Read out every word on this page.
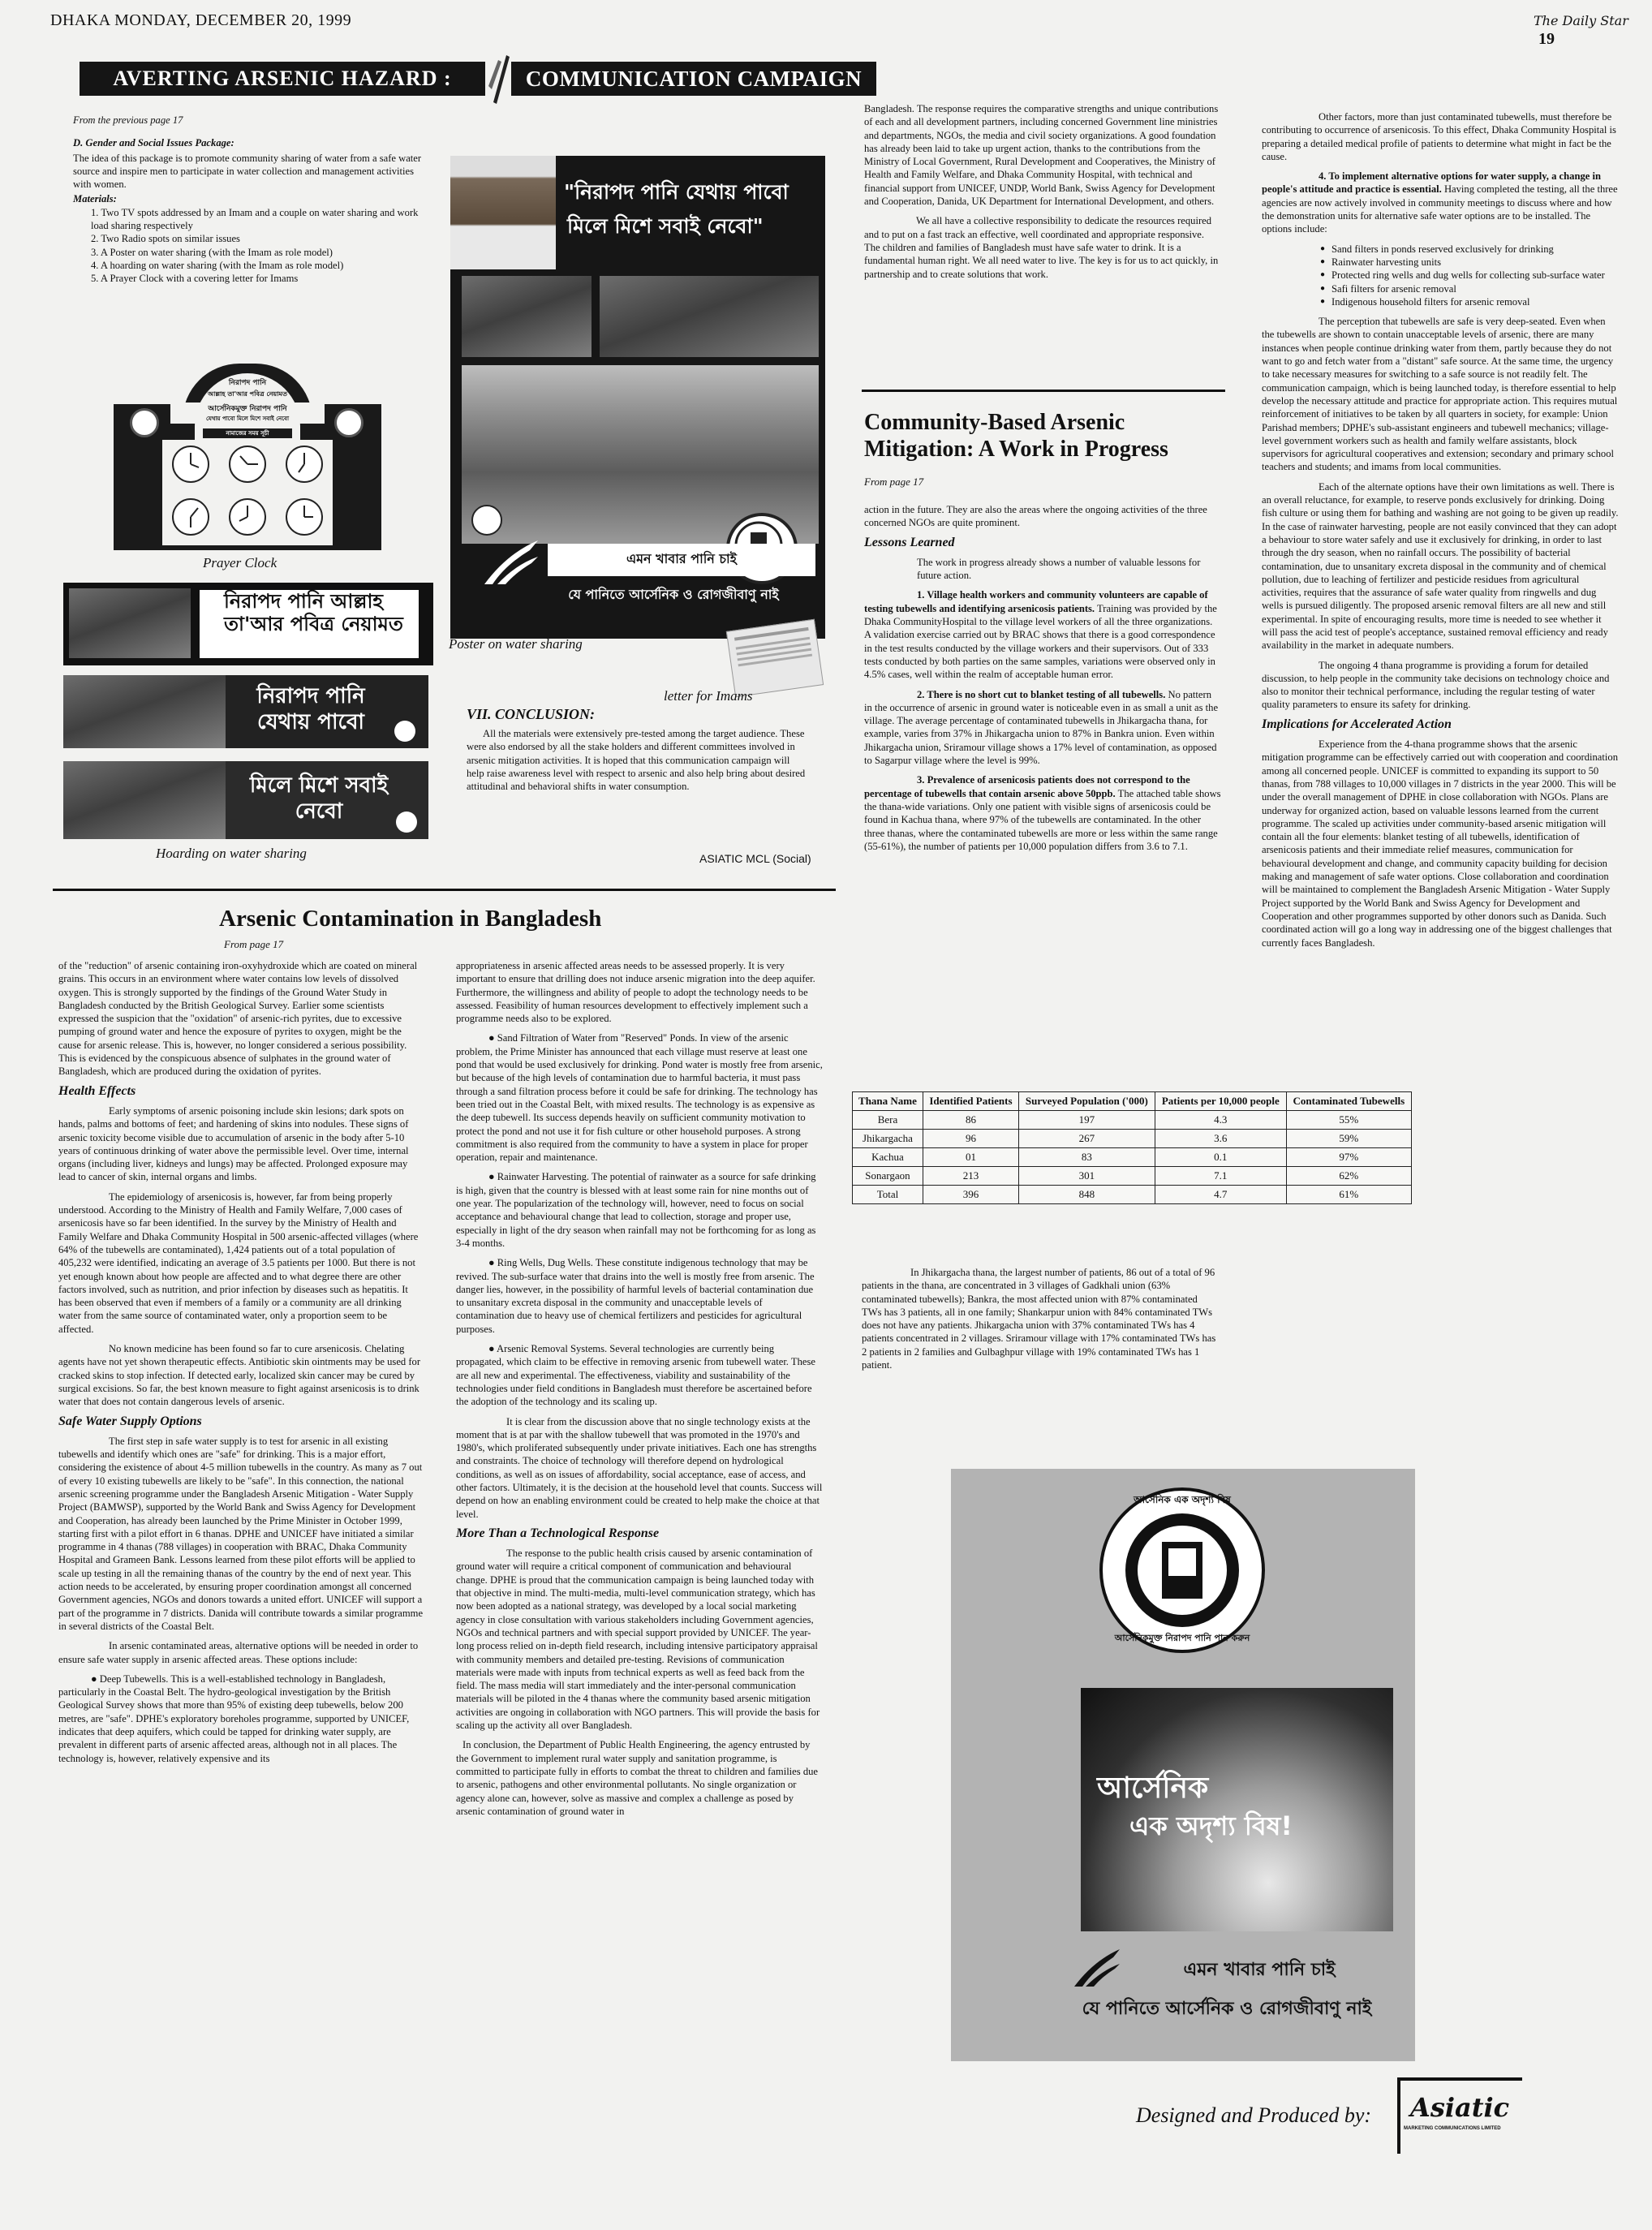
DHAKA MONDAY, DECEMBER 20, 1999	The Daily Star 19
AVERTING ARSENIC HAZARD :	COMMUNICATION CAMPAIGN

From the previous page 17

D. Gender and Social Issues Package:

The idea of this package is to promote community sharing of water from a safe water source and inspire men to participate in water collection and management activities with women.

Materials:

1. Two TV spots addressed by an Imam and a couple on water sharing and work load sharing respectively
2. Two Radio spots on similar issues
3. A Poster on water sharing (with the Imam as role model)
4. A hoarding on water sharing (with the Imam as role model)
5. A Prayer Clock with a covering letter for Imams
নিরাপদ পানি
আল্লাহ তা'আর পবিত্র নেয়ামত
আর্সেনিকমুক্ত নিরাপদ পানি
যেথায় পাবো মিলে মিশে সবাই নেবো
নামাজের সময় সূচী
Prayer Clock
নিরাপদ পানি আল্লাহ তা'আর পবিত্র নেয়ামত
নিরাপদ পানি যেথায় পাবো
মিলে মিশে সবাই নেবো
Hoarding on water sharing
"নিরাপদ পানি যেথায় পাবো
মিলে মিশে সবাই নেবো"
এমন খাবার পানি চাই
যে পানিতে আর্সেনিক ও রোগজীবাণু নাই
Poster on water sharing
letter for Imams
VII. CONCLUSION:
All the materials were extensively pre-tested among the target audience. These were also endorsed by all the stake holders and different committees involved in arsenic mitigation activities. It is hoped that this communication campaign will help raise awareness level with respect to arsenic and also help bring about desired attitudinal and behavioral shifts in water consumption.
ASIATIC MCL (Social)

Bangladesh. The response requires the comparative strengths and unique contributions of each and all development partners, including concerned Government line ministries and departments, NGOs, the media and civil society organizations. A good foundation has already been laid to take up urgent action, thanks to the contributions from the Ministry of Local Government, Rural Development and Cooperatives, the Ministry of Health and Family Welfare, and Dhaka Community Hospital, with technical and financial support from UNICEF, UNDP, World Bank, Swiss Agency for Development and Cooperation, Danida, UK Department for International Development, and others.

We all have a collective responsibility to dedicate the resources required and to put on a fast track an effective, well coordinated and appropriate responsive. The children and families of Bangladesh must have safe water to drink. It is a fundamental human right. We all need water to live. The key is for us to act quickly, in partnership and to create solutions that work.

Community-Based Arsenic Mitigation: A Work in Progress
From page 17

action in the future. They are also the areas where the ongoing activities of the three concerned NGOs are quite prominent.

Lessons Learned

The work in progress already shows a number of valuable lessons for future action.

1. Village health workers and community volunteers are capable of testing tubewells and identifying arsenicosis patients. Training was provided by the Dhaka CommunityHospital to the village level workers of all the three organizations. A validation exercise carried out by BRAC shows that there is a good correspondence in the test results conducted by the village workers and their supervisors. Out of 333 tests conducted by both parties on the same samples, variations were observed only in 4.5% cases, well within the realm of acceptable human error.

2. There is no short cut to blanket testing of all tubewells. No pattern in the occurrence of arsenic in ground water is noticeable even in as small a unit as the village. The average percentage of contaminated tubewells in Jhikargacha thana, for example, varies from 37% in Jhikargacha union to 87% in Bankra union. Even within Jhikargacha union, Sriramour village shows a 17% level of contamination, as opposed to Sagarpur village where the level is 99%.

3. Prevalence of arsenicosis patients does not correspond to the percentage of tubewells that contain arsenic above 50ppb. The attached table shows the thana-wide variations. Only one patient with visible signs of arsenicosis could be found in Kachua thana, where 97% of the tubewells are contaminated. In the other three thanas, where the contaminated tubewells are more or less within the same range (55-61%), the number of patients per 10,000 population differs from 3.6 to 7.1.

Thana Name	Identified Patients	Surveyed Population ('000)	Patients per 10,000 people	Contaminated Tubewells
Bera	86	197	4.3	55%
Jhikargacha	96	267	3.6	59%
Kachua	01	83	0.1	97%
Sonargaon	213	301	7.1	62%
Total	396	848	4.7	61%
In Jhikargacha thana, the largest number of patients, 86 out of a total of 96 patients in the thana, are concentrated in 3 villages of Gadkhali union (63% contaminated tubewells); Bankra, the most affected union with 87% contaminated TWs has 3 patients, all in one family; Shankarpur union with 84% contaminated TWs does not have any patients. Jhikargacha union with 37% contaminated TWs has 4 patients concentrated in 2 villages. Sriramour village with 17% contaminated TWs has 2 patients in 2 families and Gulbaghpur village with 19% contaminated TWs has 1 patient.

Other factors, more than just contaminated tubewells, must therefore be contributing to occurrence of arsenicosis. To this effect, Dhaka Community Hospital is preparing a detailed medical profile of patients to determine what might in fact be the cause.

4. To implement alternative options for water supply, a change in people's attitude and practice is essential. Having completed the testing, all the three agencies are now actively involved in community meetings to discuss where and how the demonstration units for alternative safe water options are to be installed. The options include:

● Sand filters in ponds reserved exclusively for drinking
● Rainwater harvesting units
● Protected ring wells and dug wells for collecting sub-surface water
● Safi filters for arsenic removal
● Indigenous household filters for arsenic removal

The perception that tubewells are safe is very deep-seated. Even when the tubewells are shown to contain unacceptable levels of arsenic, there are many instances when people continue drinking water from them, partly because they do not want to go and fetch water from a "distant" safe source. At the same time, the urgency to take necessary measures for switching to a safe source is not readily felt. The communication campaign, which is being launched today, is therefore essential to help develop the necessary attitude and practice for appropriate action. This requires mutual reinforcement of initiatives to be taken by all quarters in society, for example: Union Parishad members; DPHE's sub-assistant engineers and tubewell mechanics; village-level government workers such as health and family welfare assistants, block supervisors for agricultural cooperatives and extension; secondary and primary school teachers and students; and imams from local communities.

Each of the alternate options have their own limitations as well. There is an overall reluctance, for example, to reserve ponds exclusively for drinking. Doing fish culture or using them for bathing and washing are not going to be given up readily. In the case of rainwater harvesting, people are not easily convinced that they can adopt a behaviour to store water safely and use it exclusively for drinking, in order to last through the dry season, when no rainfall occurs. The possibility of bacterial contamination, due to unsanitary excreta disposal in the community and of chemical pollution, due to leaching of fertilizer and pesticide residues from agricultural activities, requires that the assurance of safe water quality from ringwells and dug wells is pursued diligently. The proposed arsenic removal filters are all new and still experimental. In spite of encouraging results, more time is needed to see whether it will pass the acid test of people's acceptance, sustained removal efficiency and ready availability in the market in adequate numbers.

The ongoing 4 thana programme is providing a forum for detailed discussion, to help people in the community take decisions on technology choice and also to monitor their technical performance, including the regular testing of water quality parameters to ensure its safety for drinking.

Implications for Accelerated Action

Experience from the 4-thana programme shows that the arsenic mitigation programme can be effectively carried out with cooperation and coordination among all concerned people. UNICEF is committed to expanding its support to 50 thanas, from 788 villages to 10,000 villages in 7 districts in the year 2000. This will be under the overall management of DPHE in close collaboration with NGOs. Plans are underway for organized action, based on valuable lessons learned from the current programme. The scaled up activities under community-based arsenic mitigation will contain all the four elements: blanket testing of all tubewells, identification of arsenicosis patients and their immediate relief measures, communication for behavioural development and change, and community capacity building for decision making and management of safe water options. Close collaboration and coordination will be maintained to complement the Bangladesh Arsenic Mitigation - Water Supply Project supported by the World Bank and Swiss Agency for Development and Cooperation and other programmes supported by other donors such as Danida. Such coordinated action will go a long way in addressing one of the biggest challenges that currently faces Bangladesh.

Arsenic Contamination in Bangladesh
From page 17

of the "reduction" of arsenic containing iron-oxyhydroxide which are coated on mineral grains. This occurs in an environment where water contains low levels of dissolved oxygen. This is strongly supported by the findings of the Ground Water Study in Bangladesh conducted by the British Geological Survey. Earlier some scientists expressed the suspicion that the "oxidation" of arsenic-rich pyrites, due to excessive pumping of ground water and hence the exposure of pyrites to oxygen, might be the cause for arsenic release. This is, however, no longer considered a serious possibility. This is evidenced by the conspicuous absence of sulphates in the ground water of Bangladesh, which are produced during the oxidation of pyrites.

Health Effects

Early symptoms of arsenic poisoning include skin lesions; dark spots on hands, palms and bottoms of feet; and hardening of skins into nodules. These signs of arsenic toxicity become visible due to accumulation of arsenic in the body after 5-10 years of continuous drinking of water above the permissible level. Over time, internal organs (including liver, kidneys and lungs) may be affected. Prolonged exposure may lead to cancer of skin, internal organs and limbs.

The epidemiology of arsenicosis is, however, far from being properly understood. According to the Ministry of Health and Family Welfare, 7,000 cases of arsenicosis have so far been identified. In the survey by the Ministry of Health and Family Welfare and Dhaka Community Hospital in 500 arsenic-affected villages (where 64% of the tubewells are contaminated), 1,424 patients out of a total population of 405,232 were identified, indicating an average of 3.5 patients per 1000. But there is not yet enough known about how people are affected and to what degree there are other factors involved, such as nutrition, and prior infection by diseases such as hepatitis. It has been observed that even if members of a family or a community are all drinking water from the same source of contaminated water, only a proportion seem to be affected.

No known medicine has been found so far to cure arsenicosis. Chelating agents have not yet shown therapeutic effects. Antibiotic skin ointments may be used for cracked skins to stop infection. If detected early, localized skin cancer may be cured by surgical excisions. So far, the best known measure to fight against arsenicosis is to drink water that does not contain dangerous levels of arsenic.

Safe Water Supply Options

The first step in safe water supply is to test for arsenic in all existing tubewells and identify which ones are "safe" for drinking. This is a major effort, considering the existence of about 4-5 million tubewells in the country. As many as 7 out of every 10 existing tubewells are likely to be "safe". In this connection, the national arsenic screening programme under the Bangladesh Arsenic Mitigation - Water Supply Project (BAMWSP), supported by the World Bank and Swiss Agency for Development and Cooperation, has already been launched by the Prime Minister in October 1999, starting first with a pilot effort in 6 thanas. DPHE and UNICEF have initiated a similar programme in 4 thanas (788 villages) in cooperation with BRAC, Dhaka Community Hospital and Grameen Bank. Lessons learned from these pilot efforts will be applied to scale up testing in all the remaining thanas of the country by the end of next year. This action needs to be accelerated, by ensuring proper coordination amongst all concerned Government agencies, NGOs and donors towards a united effort. UNICEF will support a part of the programme in 7 districts. Danida will contribute towards a similar programme in several districts of the Coastal Belt.

In arsenic contaminated areas, alternative options will be needed in order to ensure safe water supply in arsenic affected areas. These options include:

● Deep Tubewells. This is a well-established technology in Bangladesh, particularly in the Coastal Belt. The hydro-geological investigation by the British Geological Survey shows that more than 95% of existing deep tubewells, below 200 metres, are "safe". DPHE's exploratory boreholes programme, supported by UNICEF, indicates that deep aquifers, which could be tapped for drinking water supply, are prevalent in different parts of arsenic affected areas, although not in all places. The technology is, however, relatively expensive and its

appropriateness in arsenic affected areas needs to be assessed properly. It is very important to ensure that drilling does not induce arsenic migration into the deep aquifer. Furthermore, the willingness and ability of people to adopt the technology needs to be assessed. Feasibility of human resources development to effectively implement such a programme needs also to be explored.

● Sand Filtration of Water from "Reserved" Ponds. In view of the arsenic problem, the Prime Minister has announced that each village must reserve at least one pond that would be used exclusively for drinking. Pond water is mostly free from arsenic, but because of the high levels of contamination due to harmful bacteria, it must pass through a sand filtration process before it could be safe for drinking. The technology has been tried out in the Coastal Belt, with mixed results. The technology is as expensive as the deep tubewell. Its success depends heavily on sufficient community motivation to protect the pond and not use it for fish culture or other household purposes. A strong commitment is also required from the community to have a system in place for proper operation, repair and maintenance.

● Rainwater Harvesting. The potential of rainwater as a source for safe drinking is high, given that the country is blessed with at least some rain for nine months out of one year. The popularization of the technology will, however, need to focus on social acceptance and behavioural change that lead to collection, storage and proper use, especially in light of the dry season when rainfall may not be forthcoming for as long as 3-4 months.

● Ring Wells, Dug Wells. These constitute indigenous technology that may be revived. The sub-surface water that drains into the well is mostly free from arsenic. The danger lies, however, in the possibility of harmful levels of bacterial contamination due to unsanitary excreta disposal in the community and unacceptable levels of contamination due to heavy use of chemical fertilizers and pesticides for agricultural purposes.

● Arsenic Removal Systems. Several technologies are currently being propagated, which claim to be effective in removing arsenic from tubewell water. These are all new and experimental. The effectiveness, viability and sustainability of the technologies under field conditions in Bangladesh must therefore be ascertained before the adoption of the technology and its scaling up.

It is clear from the discussion above that no single technology exists at the moment that is at par with the shallow tubewell that was promoted in the 1970's and 1980's, which proliferated subsequently under private initiatives. Each one has strengths and constraints. The choice of technology will therefore depend on hydrological conditions, as well as on issues of affordability, social acceptance, ease of access, and other factors. Ultimately, it is the decision at the household level that counts. Success will depend on how an enabling environment could be created to help make the choice at that level.

More Than a Technological Response

The response to the public health crisis caused by arsenic contamination of ground water will require a critical component of communication and behavioural change. DPHE is proud that the communication campaign is being launched today with that objective in mind. The multi-media, multi-level communication strategy, which has now been adopted as a national strategy, was developed by a local social marketing agency in close consultation with various stakeholders including Government agencies, NGOs and technical partners and with special support provided by UNICEF. The year-long process relied on in-depth field research, including intensive participatory appraisal with community members and detailed pre-testing. Revisions of communication materials were made with inputs from technical experts as well as feed back from the field. The mass media will start immediately and the inter-personal communication materials will be piloted in the 4 thanas where the community based arsenic mitigation activities are ongoing in collaboration with NGO partners. This will provide the basis for scaling up the activity all over Bangladesh.

In conclusion, the Department of Public Health Engineering, the agency entrusted by the Government to implement rural water supply and sanitation programme, is committed to participate fully in efforts to combat the threat to children and families due to arsenic, pathogens and other environmental pollutants. No single organization or agency alone can, however, solve as massive and complex a challenge as posed by arsenic contamination of ground water in

আর্সেনিক এক অদৃশ্য বিষ
আর্সেনিকমুক্ত নিরাপদ পানি পান করুন
আর্সেনিক
এক অদৃশ্য বিষ!
এমন খাবার পানি চাই
যে পানিতে আর্সেনিক ও রোগজীবাণু নাই
Designed and Produced by:	Asiatic
MARKETING COMMUNICATIONS LIMITED
